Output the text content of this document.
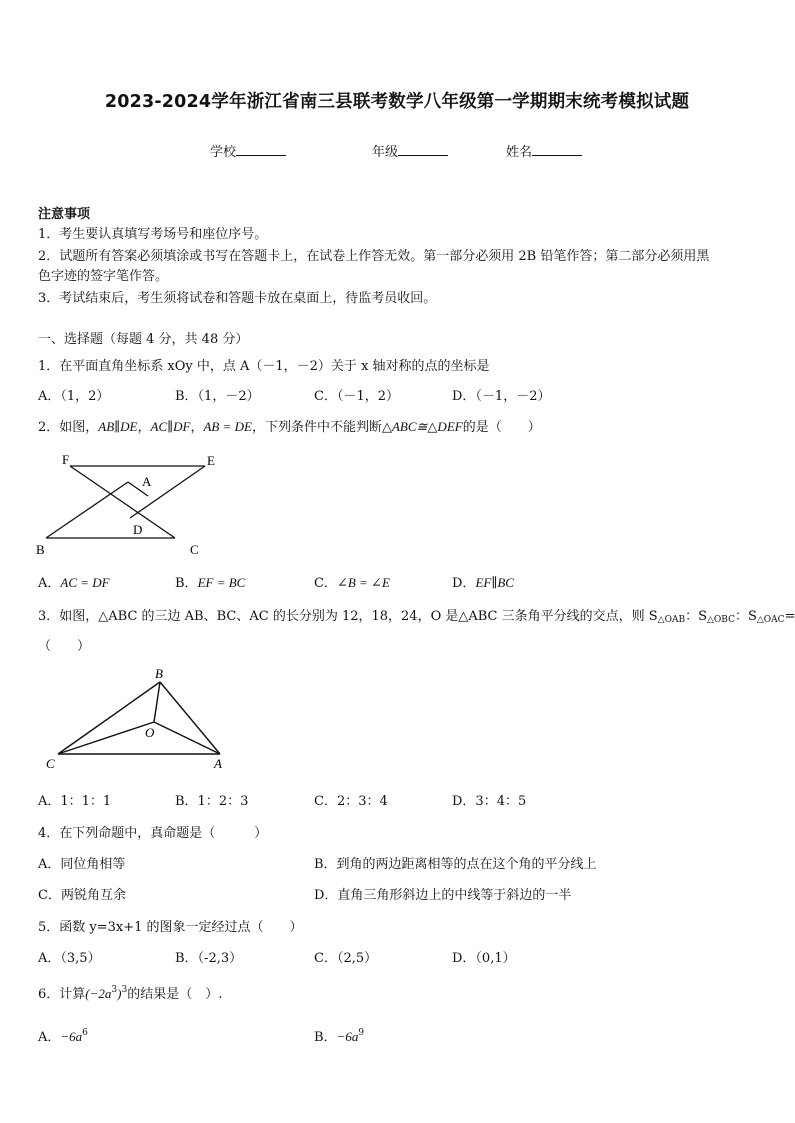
2023-2024学年浙江省南三县联考数学八年级第一学期期末统考模拟试题
学校	年级	姓名
注意事项
1．考生要认真填写考场号和座位序号。
2．试题所有答案必须填涂或书写在答题卡上，在试卷上作答无效。第一部分必须用 2B 铅笔作答；第二部分必须用黑
色字迹的签字笔作答。
3．考试结束后，考生须将试卷和答题卡放在桌面上，待监考员收回。
一、选择题（每题 4 分，共 48 分）
1．在平面直角坐标系 xOy 中，点 A（－1，－2）关于 x 轴对称的点的坐标是
A．（1，2）	B．（1，－2）	C．（－1，2）	D．（－1，－2）
2．如图，AB∥DE，AC∥DF，AB = DE，下列条件中不能判断△ABC≅△DEF的是（　　）
F	E
A
D
B	C
A．AC = DF	B．EF = BC	C．∠B = ∠E	D．EF∥BC
3．如图，△ABC 的三边 AB、BC、AC 的长分别为 12，18，24，O 是△ABC 三条角平分线的交点，则 $S_{\triangle OAB}$：$S_{\triangle OBC}$：$S_{\triangle OAC}=$
（　　）
B
O
C	A
A．1：1：1	B．1：2：3	C．2：3：4	D．3：4：5
4．在下列命题中，真命题是（　　　）
A．同位角相等	B．到角的两边距离相等的点在这个角的平分线上
C．两锐角互余	D．直角三角形斜边上的中线等于斜边的一半
5．函数 y=3x+1 的图象一定经过点（　　）
A．（3,5）	B．（-2,3）	C．（2,5）	D．（0,1）
6．计算$(-2a^3)^3$的结果是（　）.
A．$-6a^6$	B．$-6a^9$
